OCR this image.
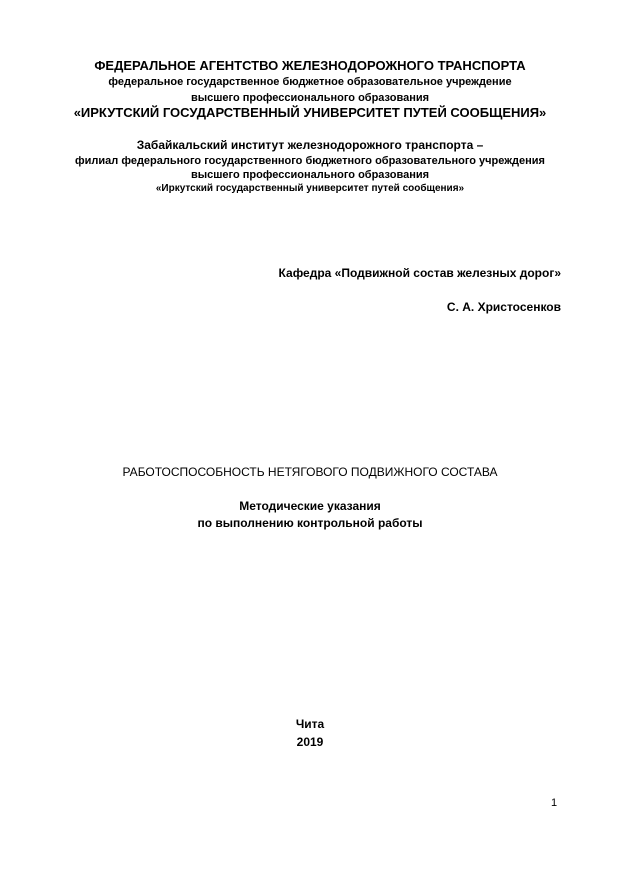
ФЕДЕРАЛЬНОЕ АГЕНТСТВО ЖЕЛЕЗНОДОРОЖНОГО ТРАНСПОРТА
федеральное государственное бюджетное образовательное учреждение
высшего профессионального образования
«ИРКУТСКИЙ ГОСУДАРСТВЕННЫЙ УНИВЕРСИТЕТ ПУТЕЙ СООБЩЕНИЯ»
Забайкальский институт железнодорожного транспорта –
филиал федерального государственного бюджетного образовательного учреждения
высшего профессионального образования
«Иркутский государственный университет путей сообщения»
Кафедра «Подвижной состав железных дорог»
С. А. Христосенков
РАБОТОСПОСОБНОСТЬ НЕТЯГОВОГО ПОДВИЖНОГО СОСТАВА
Методические указания
по выполнению контрольной работы
Чита
2019
1
